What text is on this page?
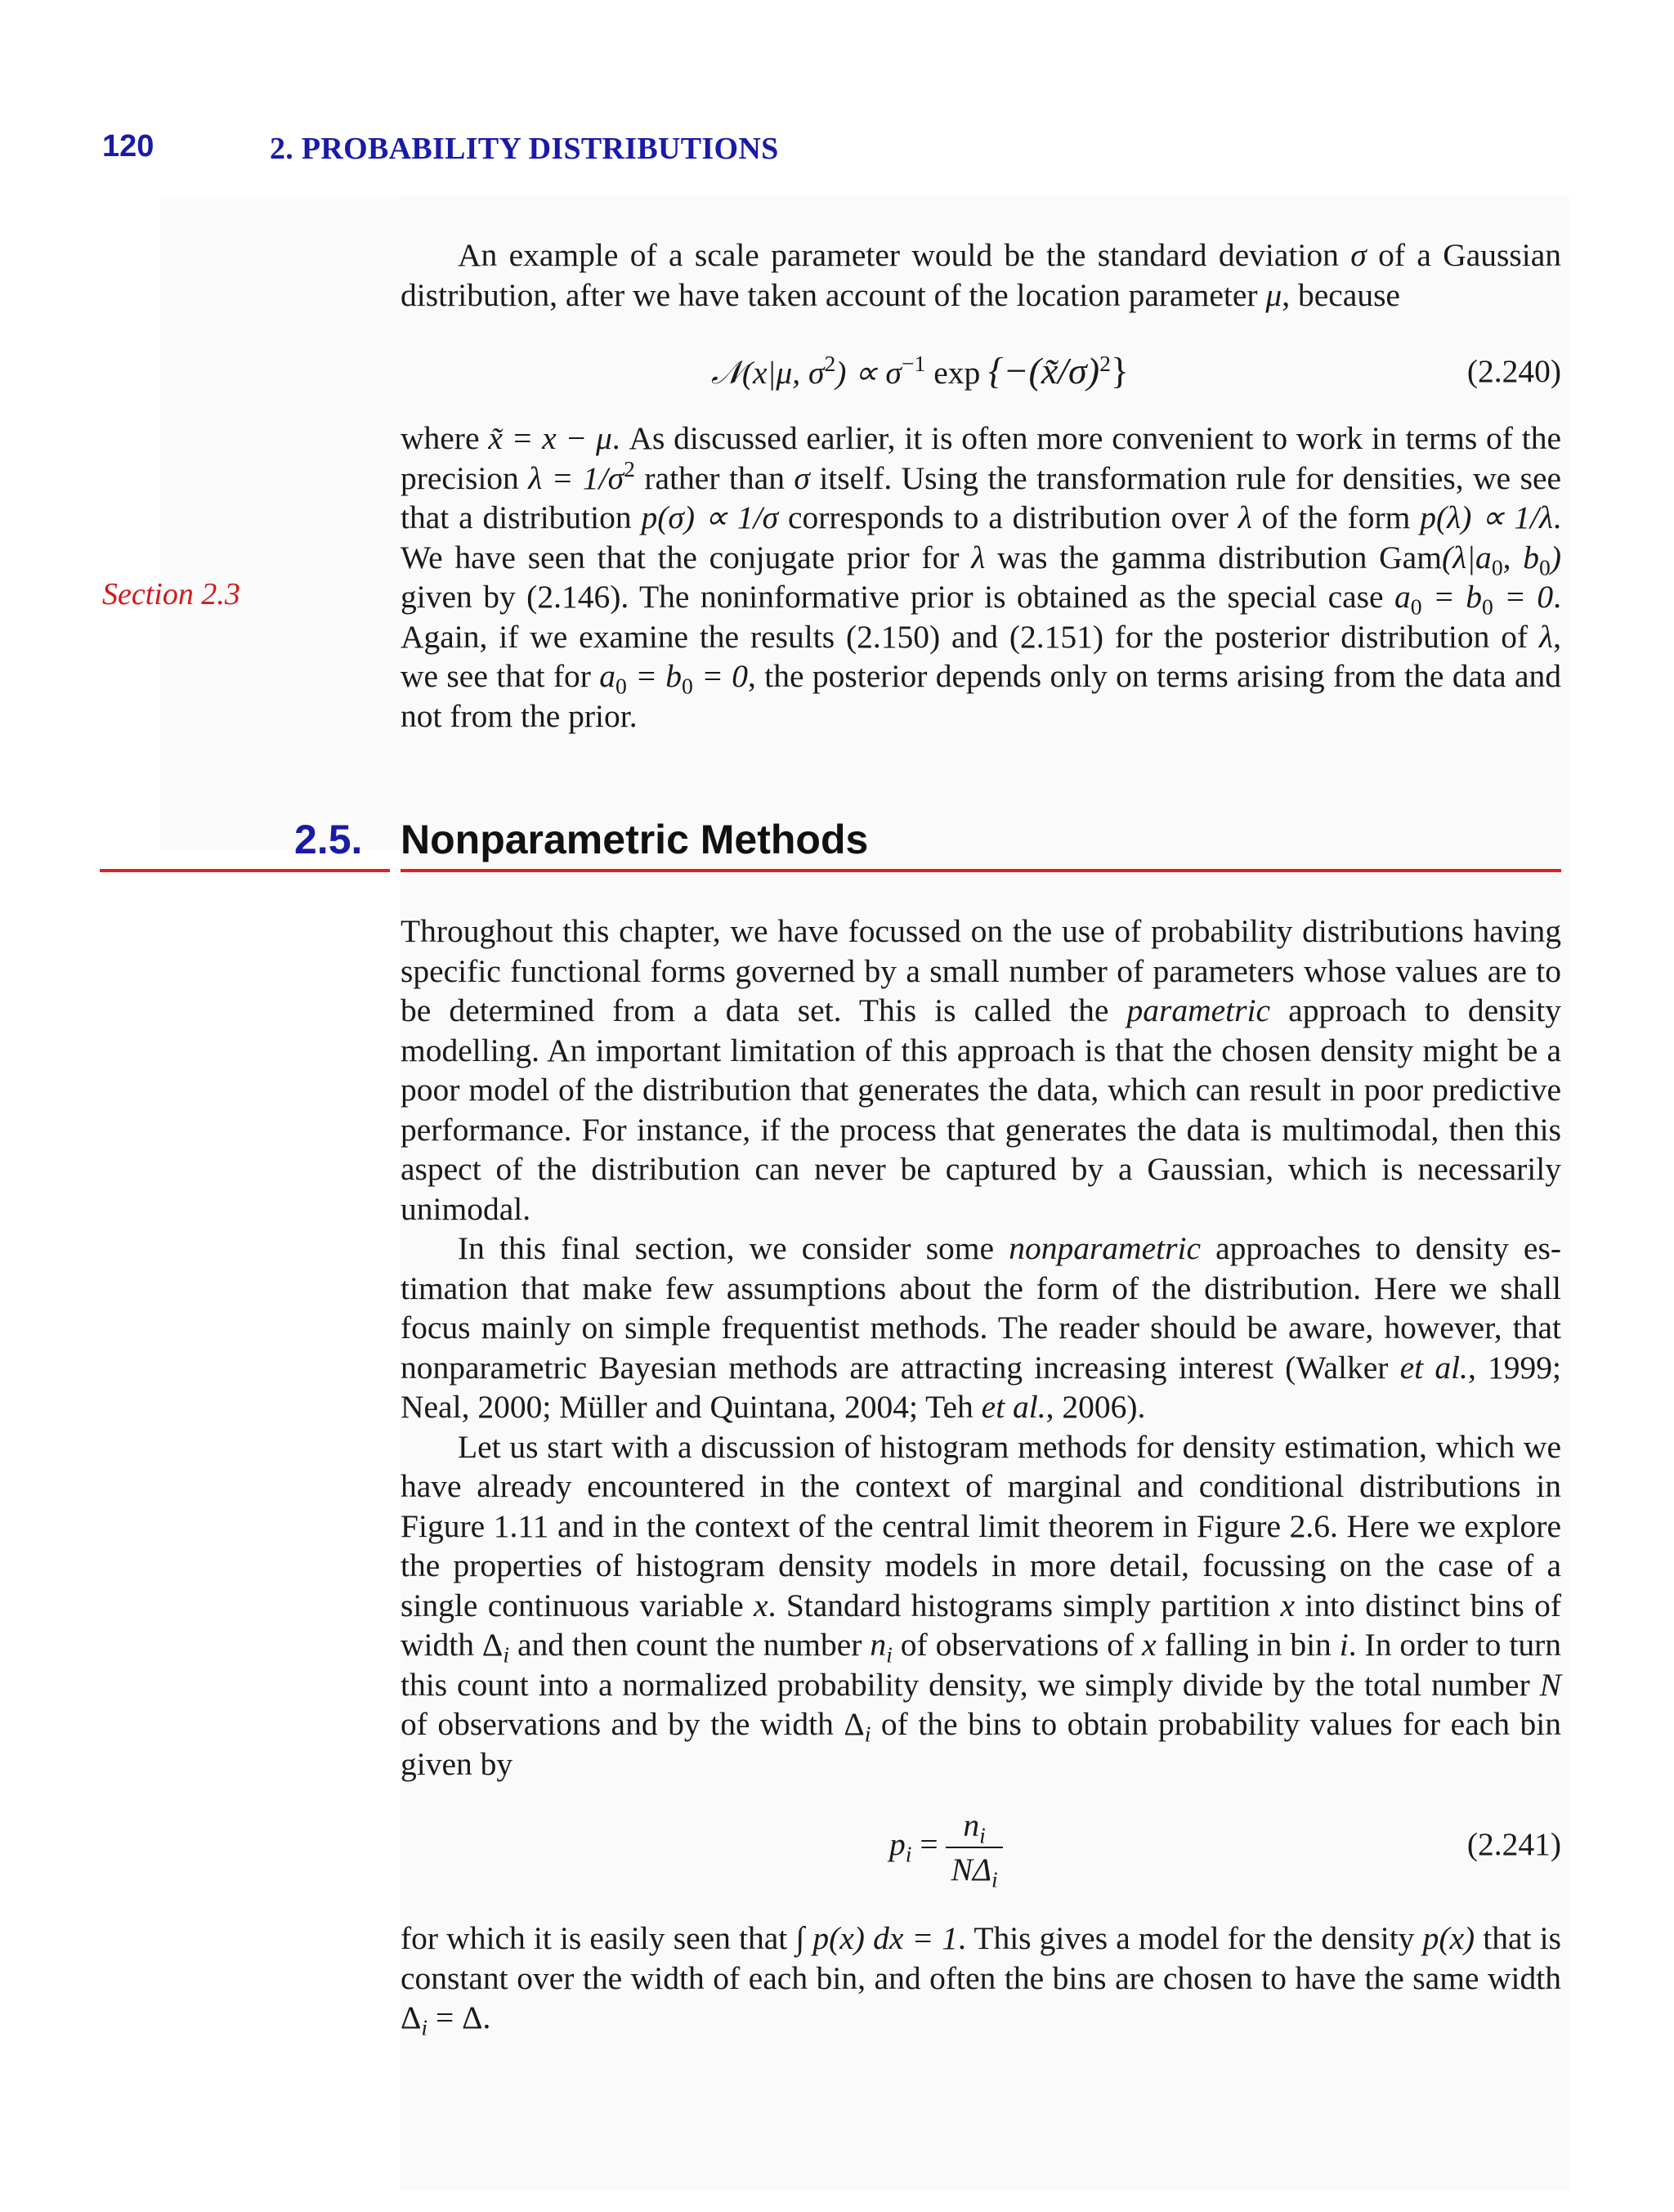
120	2. PROBABILITY DISTRIBUTIONS

An example of a scale parameter would be the standard deviation σ of a Gaussian distribution, after we have taken account of the location parameter μ, because

𝒩(x|μ, $\sigma^2) \propto \sigma^{-1}$ exp {−(x̃/σ)$^2$}	(2.240)

where x̃ = x − μ. As discussed earlier, it is often more convenient to work in terms of the precision $\lambda = 1/\sigma^2$ rather than σ itself. Using the transformation rule for densities, we see that a distribution p(σ) ∝ 1/σ corresponds to a distribution over λ of the form p(λ) ∝ 1/λ. We have seen that the conjugate prior for λ was the gamma distribution $Gam(\lambda|a_0$, $b_0$) given by (2.146). The noninformative prior is obtained as the special case $a_0 = b_0 = 0$. Again, if we examine the results (2.150) and (2.151) for the posterior distribution of λ, we see that for $a_0 = b_0 = 0$, the posterior depends only on terms arising from the data and not from the prior.

Section 2.3
2.5. Nonparametric Methods

Throughout this chapter, we have focussed on the use of probability distributions having specific functional forms governed by a small number of parameters whose values are to be determined from a data set. This is called the parametric approach to density modelling. An important limitation of this approach is that the chosen density might be a poor model of the distribution that generates the data, which can result in poor predictive performance. For instance, if the process that generates the data is multimodal, then this aspect of the distribution can never be captured by a Gaussian, which is necessarily unimodal.

In this final section, we consider some nonparametric approaches to density estimation that make few assumptions about the form of the distribution. Here we shall focus mainly on simple frequentist methods. The reader should be aware, however, that nonparametric Bayesian methods are attracting increasing interest (Walker et al., 1999; Neal, 2000; Müller and Quintana, 2004; Teh et al., 2006).

Let us start with a discussion of histogram methods for density estimation, which we have already encountered in the context of marginal and conditional distributions in Figure 1.11 and in the context of the central limit theorem in Figure 2.6. Here we explore the properties of histogram density models in more detail, focussing on the case of a single continuous variable x. Standard histograms simply partition x into distinct bins of width $\Delta_i$ and then count the number $n_i$ of observations of x falling in bin i. In order to turn this count into a normalized probability density, we simply divide by the total number N of observations and by the width $\Delta_i$ of the bins to obtain probability values for each bin given by

$p_i = \frac{n_i}{N\Delta_i}$	(2.241)

for which it is easily seen that ∫ p(x) dx = 1. This gives a model for the density p(x) that is constant over the width of each bin, and often the bins are chosen to have the same width $\Delta_i = \Delta$.
